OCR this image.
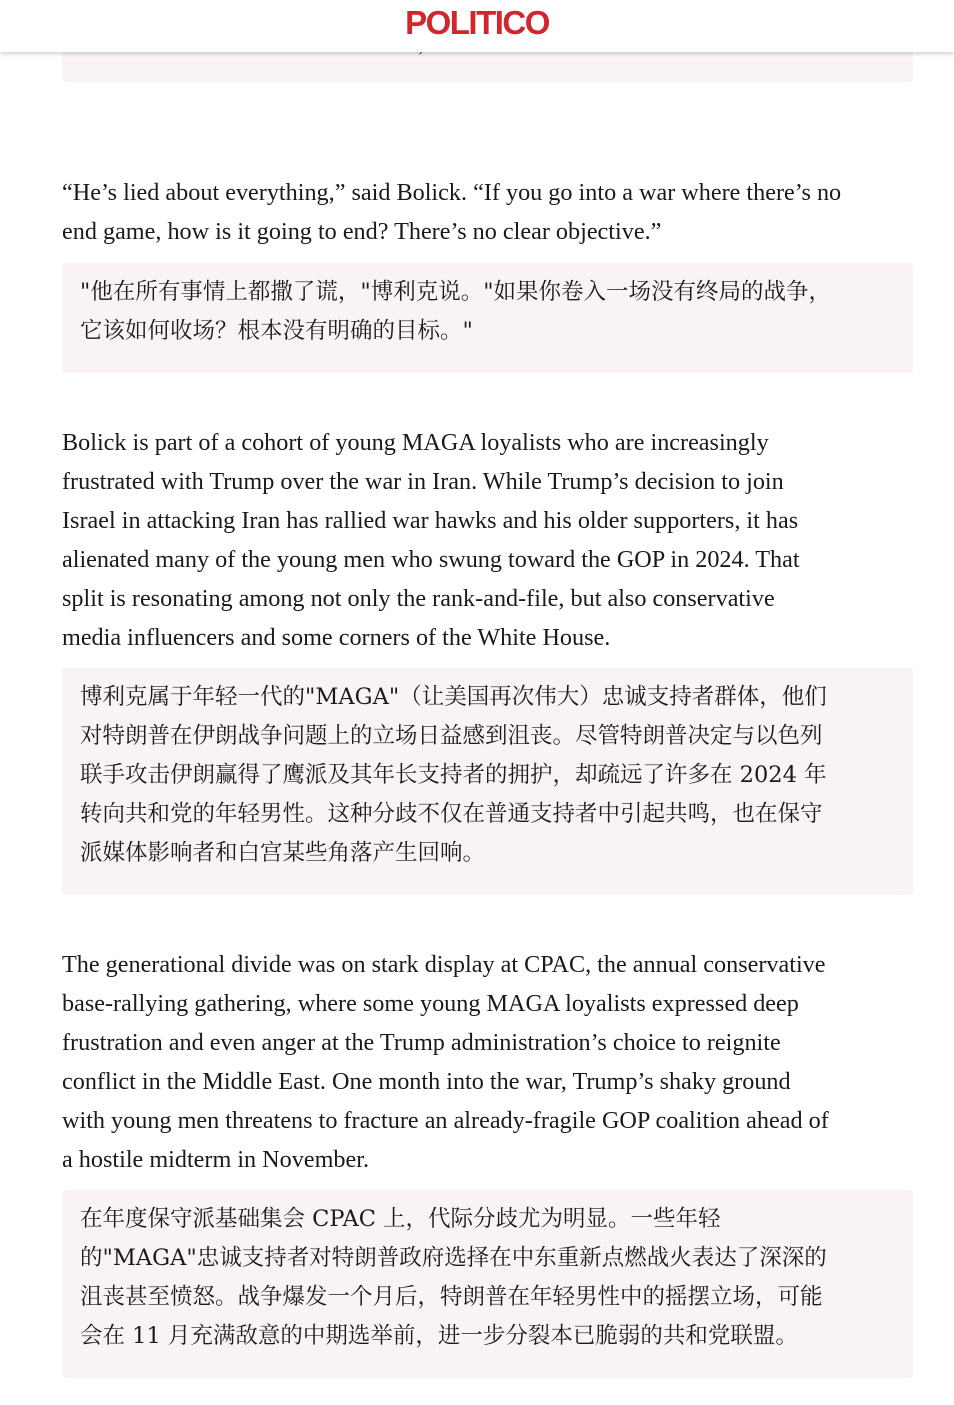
POLITICO

“He’s lied about everything,” said Bolick. “If you go into a war where there’s no
end game, how is it going to end? There’s no clear objective.”

"他在所有事情上都撒了谎，"博利克说。"如果你卷入一场没有终局的战争，
它该如何收场？根本没有明确的目标。"

Bolick is part of a cohort of young MAGA loyalists who are increasingly
frustrated with Trump over the war in Iran. While Trump’s decision to join
Israel in attacking Iran has rallied war hawks and his older supporters, it has
alienated many of the young men who swung toward the GOP in 2024. That
split is resonating among not only the rank-and-file, but also conservative
media influencers and some corners of the White House.

博利克属于年轻一代的"MAGA"（让美国再次伟大）忠诚支持者群体，他们
对特朗普在伊朗战争问题上的立场日益感到沮丧。尽管特朗普决定与以色列
联手攻击伊朗赢得了鹰派及其年长支持者的拥护，却疏远了许多在 2024 年
转向共和党的年轻男性。这种分歧不仅在普通支持者中引起共鸣，也在保守
派媒体影响者和白宫某些角落产生回响。

The generational divide was on stark display at CPAC, the annual conservative
base-rallying gathering, where some young MAGA loyalists expressed deep
frustration and even anger at the Trump administration’s choice to reignite
conflict in the Middle East. One month into the war, Trump’s shaky ground
with young men threatens to fracture an already-fragile GOP coalition ahead of
a hostile midterm in November.

在年度保守派基础集会 CPAC 上，代际分歧尤为明显。一些年轻
的"MAGA"忠诚支持者对特朗普政府选择在中东重新点燃战火表达了深深的
沮丧甚至愤怒。战争爆发一个月后，特朗普在年轻男性中的摇摆立场，可能
会在 11 月充满敌意的中期选举前，进一步分裂本已脆弱的共和党联盟。
